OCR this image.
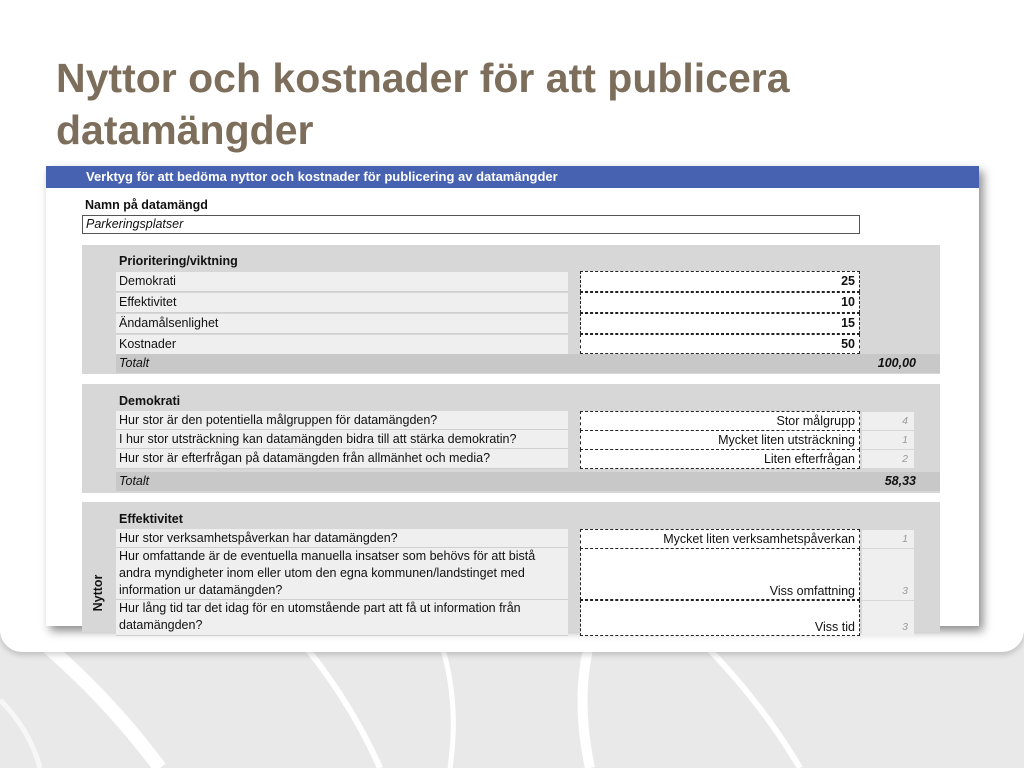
Nyttor och kostnader för att publicera datamängder
Verktyg för att bedöma nyttor och kostnader för publicering av datamängder
Namn på datamängd
Parkeringsplatser
Prioritering/viktning
Demokrati
Effektivitet
Ändamålsenlighet
Kostnader
25
10
15
50
Totalt	100,00
Demokrati
Hur stor är den potentiella målgruppen för datamängden?
I hur stor utsträckning kan datamängden bidra till att stärka demokratin?
Hur stor är efterfrågan på datamängden från allmänhet och media?
Stor målgrupp
Mycket liten utsträckning
Liten efterfrågan
4
1
2
Totalt	58,33
Effektivitet
Nyttor
Hur stor verksamhetspåverkan har datamängden?
Hur omfattande är de eventuella manuella insatser som behövs för att bistå andra myndigheter inom eller utom den egna kommunen/landstinget med information ur datamängden?
Hur lång tid tar det idag för en utomstående part att få ut information från datamängden?
Mycket liten verksamhetspåverkan
Viss omfattning
Viss tid
1
3
3
